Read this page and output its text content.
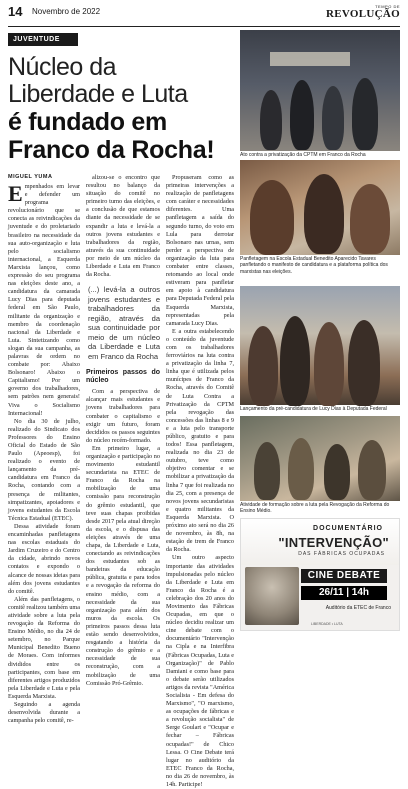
14 Novembro de 2022
TEMPO DE
REVOLUÇÃO
JUVENTUDE
Núcleo da
Liberdade e Luta
é fundado em
Franco da Rocha!
MIGUEL YUMA

Empenhados em levar e defender um programa revolucionário que se conecta as reivindicações da juventude e do proletariado brasileiro na necessidade da sua auto-organização e luta pelo socialismo internacional, a Esquerda Marxista lançou, como expressão do seu programa nas eleições deste ano, a candidatura da camarada Lucy Dias para deputada federal em São Paulo, militante da organização e membro da coordenação nacional da Liberdade e Luta. Sintetizando como slogan da sua campanha, as palavras de ordem no combate por: Abaixo Bolsonaro! Abaixo o Capitalismo! Por um governo dos trabalhadores, sem patrões nem generais! Viva o Socialismo Internacional!

No dia 30 de julho, realizado do Sindicato dos Professores do Ensino Oficial do Estado de São Paulo (Apeoesp), foi realizado o evento de lançamento da pré-candidatura em Franco da Rocha, contando com a presença de militantes, simpatizantes, apoiadores e jovens estudantes da Escola Técnica Estadual (ETEC).

Dessa atividade foram encaminhadas panfletagens nas escolas estaduais do Jardim Cruzeiro e do Centro da cidade, abrindo novos contatos e expondo o alcance de nossas ideias para além dos jovens estudantes do comitê.

Além das panfletagens, o comitê realizou também uma atividade sobre a luta pela revogação da Reforma do Ensino Médio, no dia 24 de setembro, no Parque Municipal Benedito Bueno de Moraes. Com informes divididos entre os participantes, com base em diferentes artigos produzidos pela Liberdade e Luta e pela Esquerda Marxista.

Seguindo a agenda desenvolvida durante a campanha pelo comitê, re-

alizou-se o encontro que resultou no balanço da situação do comitê no primeiro turno das eleições, e a conclusão de que estamos diante da necessidade de se expandir a luta e levá-la a outros jovens estudantes e trabalhadores da região, através da sua continuidade por meio de um núcleo da Liberdade e Luta em Franco da Rocha.

(...) levá-la a outros jovens estudantes e trabalhadores da região, através da sua continuidade por meio de um núcleo da Liberdade e Luta em Franco da Rocha
Primeiros passos do núcleo

Com a perspectiva de alcançar mais estudantes e jovens trabalhadores para combater o capitalismo e exigir um futuro, foram decididos os passos seguintes do núcleo recém-formado.

Em primeiro lugar, a organização e participação no movimento estudantil secundarista na ETEC de Franco da Rocha na mobilização de uma comissão para reconstrução do grêmio estudantil, que teve suas chapas proibidas desde 2017 pela atual direção da escola, e o dispusa das eleições através de uma chapa, da Liberdade e Luta, conectando as reivindicações dos estudantes sob as bandeiras da educação pública, gratuita e para todos e a revogação da reforma do ensino médio, com a necessidade da sua organização para além dos muros da escola. Os primeiros passos dessa luta estão sendo desenvolvidos, resgatando a história da construção do grêmio e a necessidade de sua reconstrução, com a mobilização de uma Comissão Pró-Grêmio.

Propuseram como as primeiras intervenções a realização de panfletagens com caráter e necessidades diferentes. Uma panfletagem a saída do segundo turno, do voto em Lula para derrotar Bolsonaro nas urnas, sem perder a perspectiva de organização da luta para combater entre classes, retomando ao local onde estiveram para panfletar em apoio à candidatura para Deputada Federal pela Esquerda Marxista, representadas pela camarada Lucy Dias.

E a outra estabelecendo o conteúdo da juventude com os trabalhadores ferroviários na luta contra a privatização da linha 7, linha que é utilizada pelos munícipes de Franco da Rocha, através do Comitê de Luta Contra a Privatização da CPTM pela revogação das concessões das linhas 8 e 9 e a luta pelo transporte público, gratuito e para todos! Essa panfletagem, realizada no dia 23 de outubro, teve como objetivo comentar e se mobilizar a privatização da linha 7 que foi realizada no dia 25, com a presença de novos jovens secundaristas e quatro militantes da Esquerda Marxista. O próximo ato será no dia 26 de novembro, às 8h, na estação de trem de Franco da Rocha.

Um outro aspecto importante das atividades impulsionadas pelo núcleo da Liberdade e Luta em Franco da Rocha é a celebração dos 20 anos do Movimento das Fábricas Ocupadas, em que o núcleo decidiu realizar um cine debate com o documentário "Intervenção na Cipla e na Interfibra (Fábricas Ocupadas, Luta e Organização)" de Pablo Damiani e como base para o debate serão utilizados artigos da revista "América Socialista - Em defesa do Marxismo", "O marxismo, as ocupações de fábricas e a revolução socialista" de Serge Goulart e "Ocupar e fechar – Fábricas ocupadas!" de Chico Lessa. O Cine Debate terá lugar no auditório da ETEC Franco da Rocha, no dia 26 de novembro, às 14h. Participe!

Ato contra a privatização da CPTM em Franco da Rocha
Panfletagem na Escola Estadual Benedito Aparecido Tavares panfletando o manifesto de candidatura e a plataforma política dos marxistas nas eleições.
Lançamento da pré-candidatura de Lucy Dias à Deputada Federal
Atividade de formação sobre a luta pela Revogação da Reforma do Ensino Médio.
DOCUMENTÁRIO
"INTERVENÇÃO"
DAS FÁBRICAS OCUPADAS
CINE DEBATE
26/11 | 14h
Auditório da ETEC de Franco
LIBERDADE • LUTA
